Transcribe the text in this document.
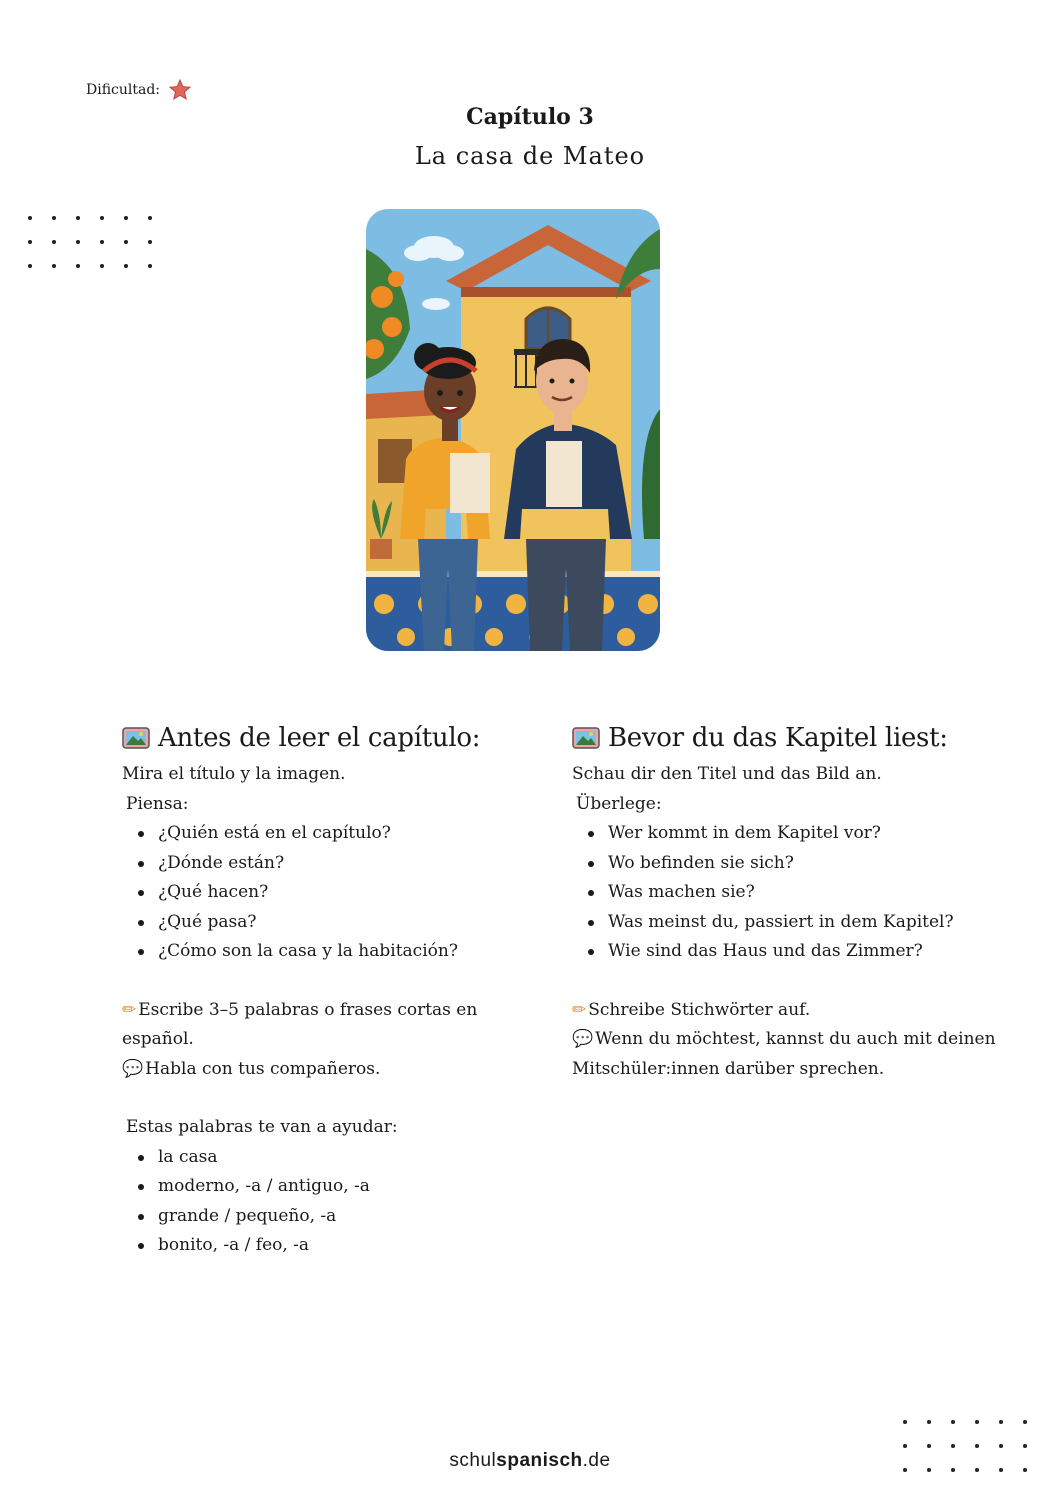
Dificultad:
Capítulo 3
La casa de Mateo
Antes de leer el capítulo:

Mira el título y la imagen.

Piensa:

¿Quién está en el capítulo?
¿Dónde están?
¿Qué hacen?
¿Qué pasa?
¿Cómo son la casa y la habitación?

✏ Escribe 3–5 palabras o frases cortas en español.

💬 Habla con tus compañeros.

Estas palabras te van a ayudar:

la casa
moderno, -a / antiguo, -a
grande / pequeño, -a
bonito, -a / feo, -a
Bevor du das Kapitel liest:

Schau dir den Titel und das Bild an.

Überlege:

Wer kommt in dem Kapitel vor?
Wo befinden sie sich?
Was machen sie?
Was meinst du, passiert in dem Kapitel?
Wie sind das Haus und das Zimmer?

✏ Schreibe Stichwörter auf.

💬 Wenn du möchtest, kannst du auch mit deinen Mitschüler:innen darüber sprechen.

schulspanisch.de
